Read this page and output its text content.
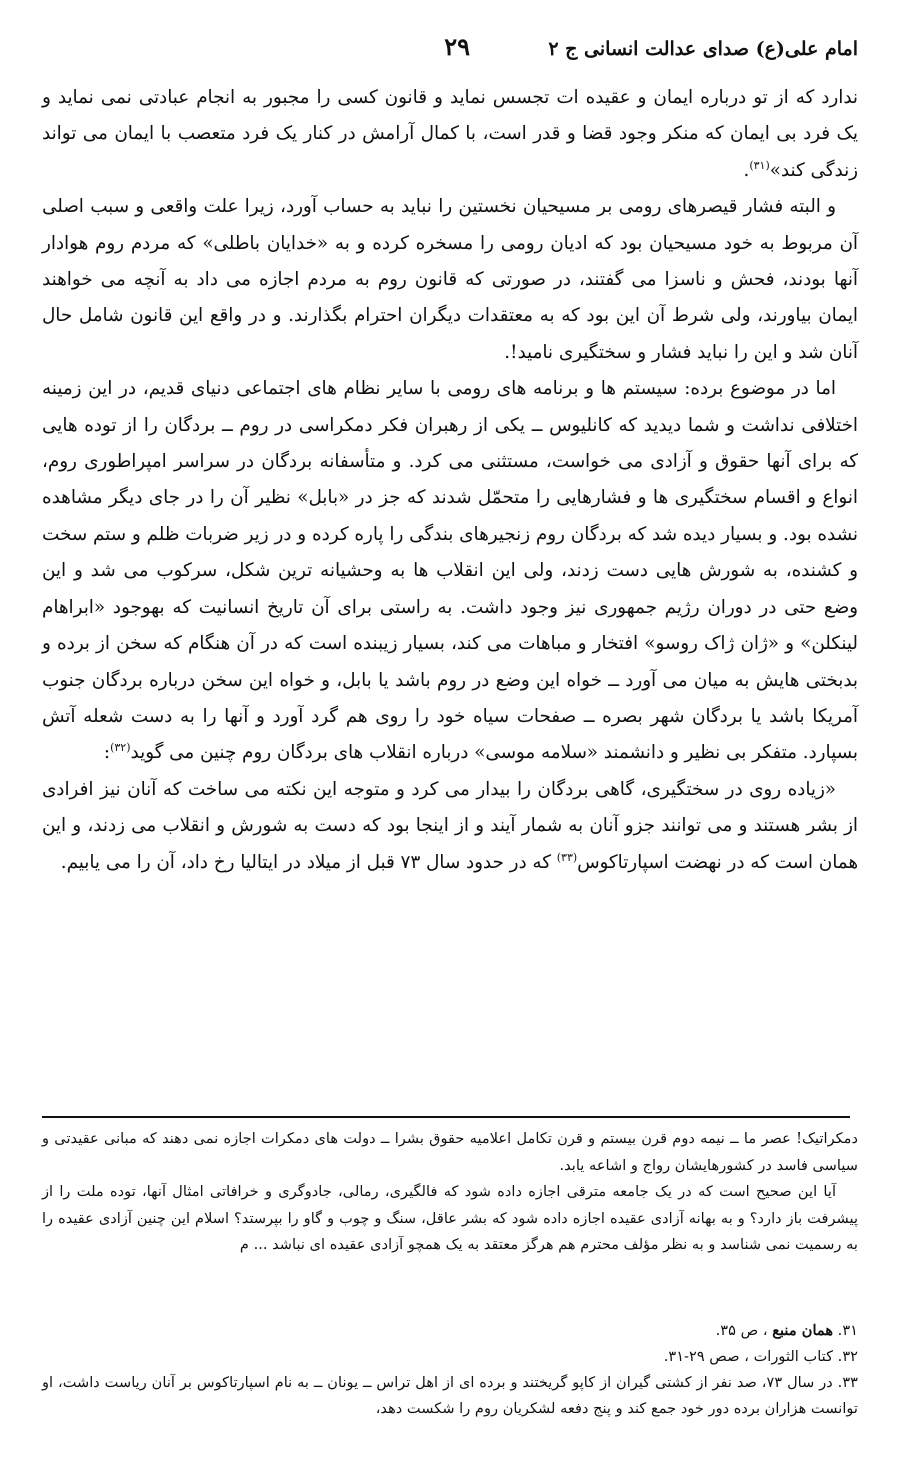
امام علی(ع) صدای عدالت انسانی ج ۲
۲۹

ندارد که از تو درباره ایمان و عقیده ات تجسس نماید و قانون کسی را مجبور به انجام عبادتی نمی نماید و یک فرد بی ایمان که منکر وجود قضا و قدر است، با کمال آرامش در کنار یک فرد متعصب با ایمان می تواند زندگی کند»$^{(۳۱)}$.

و البته فشار قیصرهای رومی بر مسیحیان نخستین را نباید به حساب آورد، زیرا علت واقعی و سبب اصلی آن مربوط به خود مسیحیان بود که ادیان رومی را مسخره کرده و به «خدایان باطلی» که مردم روم هوادار آنها بودند، فحش و ناسزا می گفتند، در صورتی که قانون روم به مردم اجازه می داد به آنچه می خواهند ایمان بیاورند، ولی شرط آن این بود که به معتقدات دیگران احترام بگذارند. و در واقع این قانون شامل حال آنان شد و این را نباید فشار و سختگیری نامید!.

اما در موضوع برده: سیستم ها و برنامه های رومی با سایر نظام های اجتماعی دنیای قدیم، در این زمینه اختلافی نداشت و شما دیدید که کانلیوس ــ یکی از رهبران فکر دمکراسی در روم ــ بردگان را از توده هایی که برای آنها حقوق و آزادی می خواست، مستثنی می کرد. و متأسفانه بردگان در سراسر امپراطوری روم، انواع و اقسام سختگیری ها و فشارهایی را متحمّل شدند که جز در «بابل» نظیر آن را در جای دیگر مشاهده نشده بود. و بسیار دیده شد که بردگان روم زنجیرهای بندگی را پاره کرده و در زیر ضربات ظلم و ستم سخت و کشنده، به شورش هایی دست زدند، ولی این انقلاب ها به وحشیانه ترین شکل، سرکوب می شد و این وضع حتی در دوران رژیم جمهوری نیز وجود داشت. به راستی برای آن تاریخ انسانیت که بهوجود «ابراهام لینکلن» و «ژان ژاک روسو» افتخار و مباهات می کند، بسیار زیبنده است که در آن هنگام که سخن از برده و بدبختی هایش به میان می آورد ــ خواه این وضع در روم باشد یا بابل، و خواه این سخن درباره بردگان جنوب آمریکا باشد یا بردگان شهر بصره ــ صفحات سیاه خود را روی هم گرد آورد و آنها را به دست شعله آتش بسپارد. متفکر بی نظیر و دانشمند «سلامه موسی» درباره انقلاب های بردگان روم چنین می گوید$^{(۳۲)}$:

«زیاده روی در سختگیری، گاهی بردگان را بیدار می کرد و متوجه این نکته می ساخت که آنان نیز افرادی از بشر هستند و می توانند جزو آنان به شمار آیند و از اینجا بود که دست به شورش و انقلاب می زدند، و این همان است که در نهضت اسپارتاکوس$^{(۳۳)}$ که در حدود سال ۷۳ قبل از میلاد در ایتالیا رخ داد، آن را می یابیم.

دمکراتیک! عصر ما ــ نیمه دوم قرن بیستم و قرن تکامل اعلامیه حقوق بشرا ــ دولت های دمکرات اجازه نمی دهند که مبانی عقیدتی و سیاسی فاسد در کشورهایشان رواج و اشاعه یابد.

آیا این صحیح است که در یک جامعه مترقی اجازه داده شود که فالگیری، رمالی، جادوگری و خرافاتی امثال آنها، توده ملت را از پیشرفت باز دارد؟ و به بهانه آزادی عقیده اجازه داده شود که بشر عاقل، سنگ و چوب و گاو را بپرستد؟ اسلام این چنین آزادی عقیده را به رسمیت نمی شناسد و به نظر مؤلف محترم هم هرگز معتقد به یک همچو آزادی عقیده ای نباشد ... م

۳۱. همان منبع ، ص ۳۵.

۳۲. کتاب الثورات ، صص ۲۹-۳۱.

۳۳. در سال ۷۳، صد نفر از کشتی گیران از کاپو گریختند و برده ای از اهل تراس ــ یونان ــ به نام اسپارتاکوس بر آنان ریاست داشت، او توانست هزاران برده دور خود جمع کند و پنج دفعه لشکریان روم را شکست دهد،
